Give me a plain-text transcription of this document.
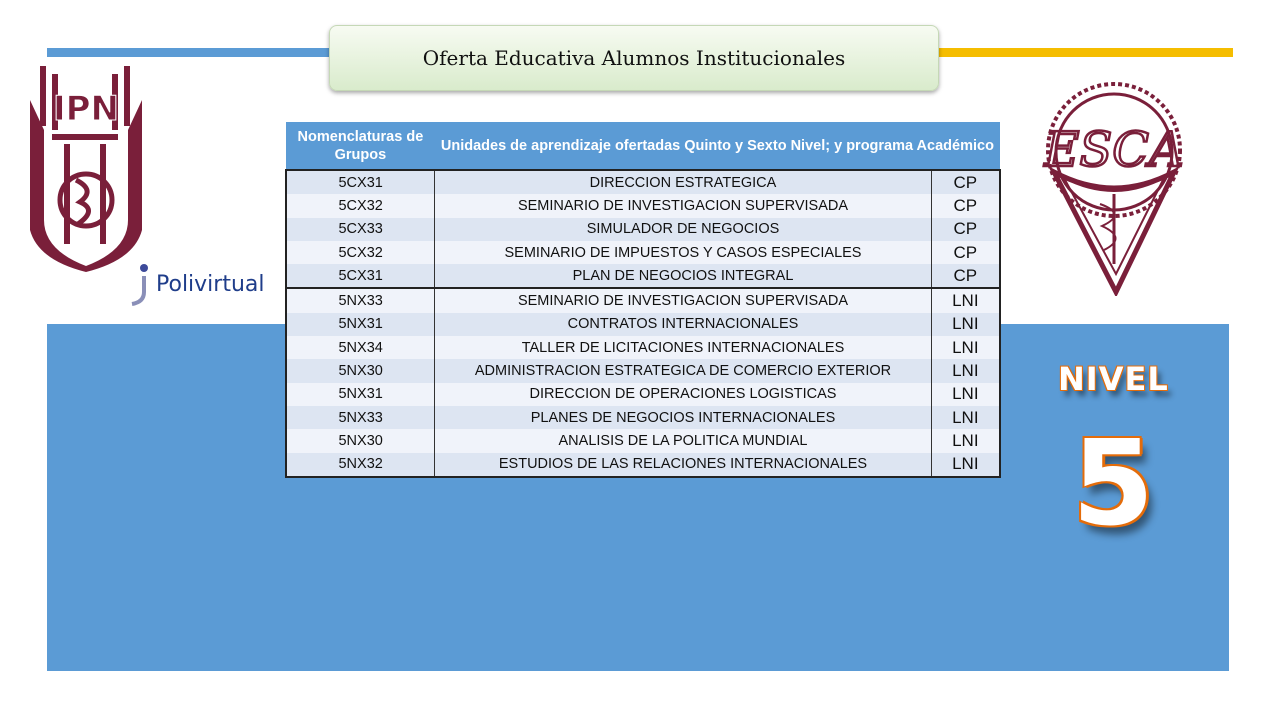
Oferta Educativa Alumnos Institucionales
IPN
Polivirtual
ESCA
NIVEL
5
Nomenclaturas de Grupos	Unidades de aprendizaje ofertadas Quinto y Sexto Nivel; y programa Académico	
5CX31	DIRECCION ESTRATEGICA	CP
5CX32	SEMINARIO DE INVESTIGACION SUPERVISADA	CP
5CX33	SIMULADOR DE NEGOCIOS	CP
5CX32	SEMINARIO DE IMPUESTOS Y CASOS ESPECIALES	CP
5CX31	PLAN DE NEGOCIOS INTEGRAL	CP
5NX33	SEMINARIO DE INVESTIGACION SUPERVISADA	LNI
5NX31	CONTRATOS INTERNACIONALES	LNI
5NX34	TALLER DE LICITACIONES INTERNACIONALES	LNI
5NX30	ADMINISTRACION ESTRATEGICA DE COMERCIO EXTERIOR	LNI
5NX31	DIRECCION DE OPERACIONES LOGISTICAS	LNI
5NX33	PLANES DE NEGOCIOS INTERNACIONALES	LNI
5NX30	ANALISIS DE LA POLITICA MUNDIAL	LNI
5NX32	ESTUDIOS DE LAS RELACIONES INTERNACIONALES	LNI
